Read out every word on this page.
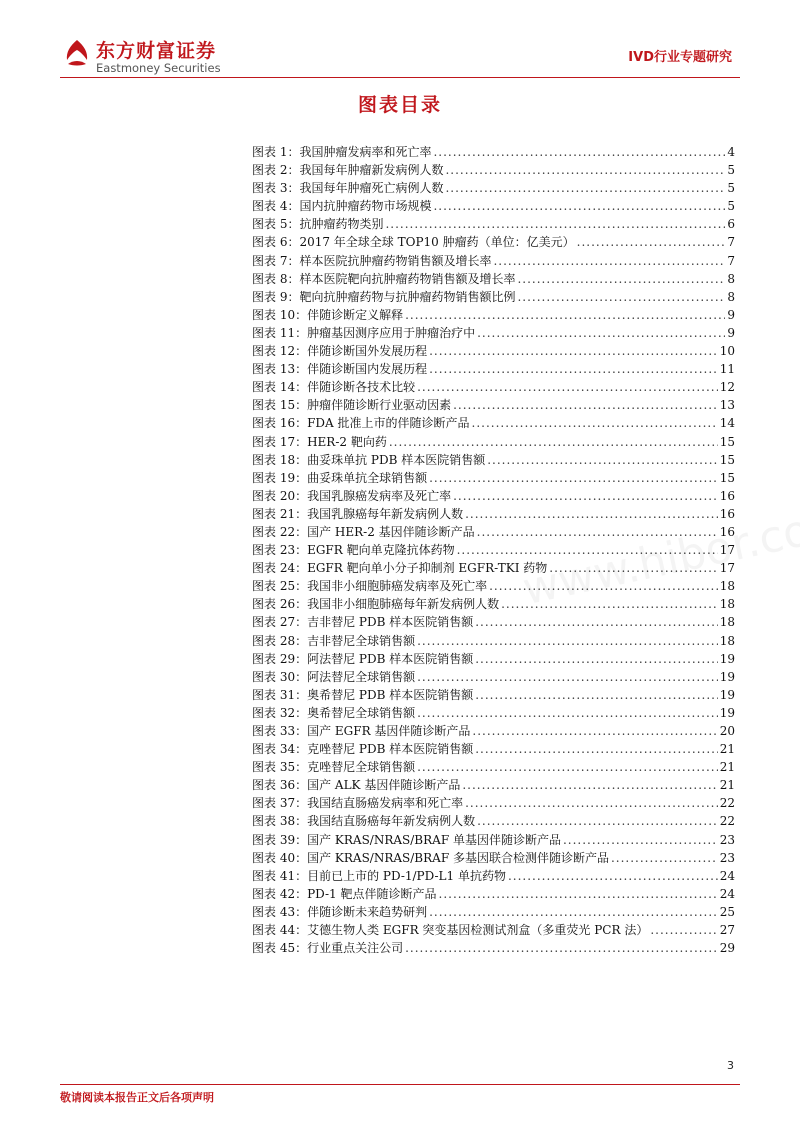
东方财富证券
Eastmoney Securities
IVD行业专题研究
图表目录
图表 1：我国肿瘤发病率和死亡率 .....	4
图表 2：我国每年肿瘤新发病例人数 .....	5
图表 3：我国每年肿瘤死亡病例人数 .....	5
图表 4：国内抗肿瘤药物市场规模 .....	5
图表 5：抗肿瘤药物类别 .....	6
图表 6：2017 年全球全球 TOP10 肿瘤药（单位：亿美元） .....	7
图表 7：样本医院抗肿瘤药物销售额及增长率 .....	7
图表 8：样本医院靶向抗肿瘤药物销售额及增长率 .....	8
图表 9：靶向抗肿瘤药物与抗肿瘤药物销售额比例 .....	8
图表 10：伴随诊断定义解释 .....	9
图表 11：肿瘤基因测序应用于肿瘤治疗中 .....	9
图表 12：伴随诊断国外发展历程 .....	10
图表 13：伴随诊断国内发展历程 .....	11
图表 14：伴随诊断各技术比较 .....	12
图表 15：肿瘤伴随诊断行业驱动因素 .....	13
图表 16：FDA 批准上市的伴随诊断产品 .....	14
图表 17：HER-2 靶向药 .....	15
图表 18：曲妥珠单抗 PDB 样本医院销售额 .....	15
图表 19：曲妥珠单抗全球销售额 .....	15
图表 20：我国乳腺癌发病率及死亡率 .....	16
图表 21：我国乳腺癌每年新发病例人数 .....	16
图表 22：国产 HER-2 基因伴随诊断产品 .....	16
图表 23：EGFR 靶向单克隆抗体药物 .....	17
图表 24：EGFR 靶向单小分子抑制剂 EGFR-TKI 药物 .....	17
图表 25：我国非小细胞肺癌发病率及死亡率 .....	18
图表 26：我国非小细胞肺癌每年新发病例人数 .....	18
图表 27：吉非替尼 PDB 样本医院销售额 .....	18
图表 28：吉非替尼全球销售额 .....	18
图表 29：阿法替尼 PDB 样本医院销售额 .....	19
图表 30：阿法替尼全球销售额 .....	19
图表 31：奥希替尼 PDB 样本医院销售额 .....	19
图表 32：奥希替尼全球销售额 .....	19
图表 33：国产 EGFR 基因伴随诊断产品 .....	20
图表 34：克唑替尼 PDB 样本医院销售额 .....	21
图表 35：克唑替尼全球销售额 .....	21
图表 36：国产 ALK 基因伴随诊断产品 .....	21
图表 37：我国结直肠癌发病率和死亡率 .....	22
图表 38：我国结直肠癌每年新发病例人数 .....	22
图表 39：国产 KRAS/NRAS/BRAF 单基因伴随诊断产品 .....	23
图表 40：国产 KRAS/NRAS/BRAF 多基因联合检测伴随诊断产品 .....	23
图表 41：目前已上市的 PD-1/PD-L1 单抗药物 .....	24
图表 42：PD-1 靶点伴随诊断产品 .....	24
图表 43：伴随诊断未来趋势研判 .....	25
图表 44：艾德生物人类 EGFR 突变基因检测试剂盒（多重荧光 PCR 法） .....	27
图表 45：行业重点关注公司 .....	29
3
敬请阅读本报告正文后各项声明
